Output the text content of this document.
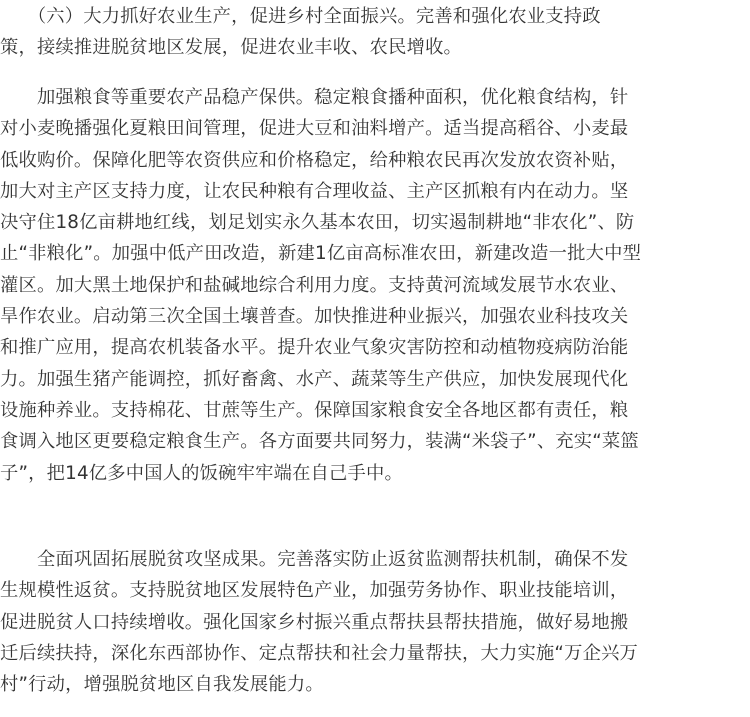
　　（六）大力抓好农业生产，促进乡村全面振兴。完善和强化农业支持政
策，接续推进脱贫地区发展，促进农业丰收、农民增收。

　　加强粮食等重要农产品稳产保供。稳定粮食播种面积，优化粮食结构，针
对小麦晚播强化夏粮田间管理，促进大豆和油料增产。适当提高稻谷、小麦最
低收购价。保障化肥等农资供应和价格稳定，给种粮农民再次发放农资补贴，
加大对主产区支持力度，让农民种粮有合理收益、主产区抓粮有内在动力。坚
决守住18亿亩耕地红线，划足划实永久基本农田，切实遏制耕地“非农化”、防
止“非粮化”。加强中低产田改造，新建1亿亩高标准农田，新建改造一批大中型
灌区。加大黑土地保护和盐碱地综合利用力度。支持黄河流域发展节水农业、
旱作农业。启动第三次全国土壤普查。加快推进种业振兴，加强农业科技攻关
和推广应用，提高农机装备水平。提升农业气象灾害防控和动植物疫病防治能
力。加强生猪产能调控，抓好畜禽、水产、蔬菜等生产供应，加快发展现代化
设施种养业。支持棉花、甘蔗等生产。保障国家粮食安全各地区都有责任，粮
食调入地区更要稳定粮食生产。各方面要共同努力，装满“米袋子”、充实“菜篮
子”，把14亿多中国人的饭碗牢牢端在自己手中。

　　全面巩固拓展脱贫攻坚成果。完善落实防止返贫监测帮扶机制，确保不发
生规模性返贫。支持脱贫地区发展特色产业，加强劳务协作、职业技能培训，
促进脱贫人口持续增收。强化国家乡村振兴重点帮扶县帮扶措施，做好易地搬
迁后续扶持，深化东西部协作、定点帮扶和社会力量帮扶，大力实施“万企兴万
村”行动，增强脱贫地区自我发展能力。
